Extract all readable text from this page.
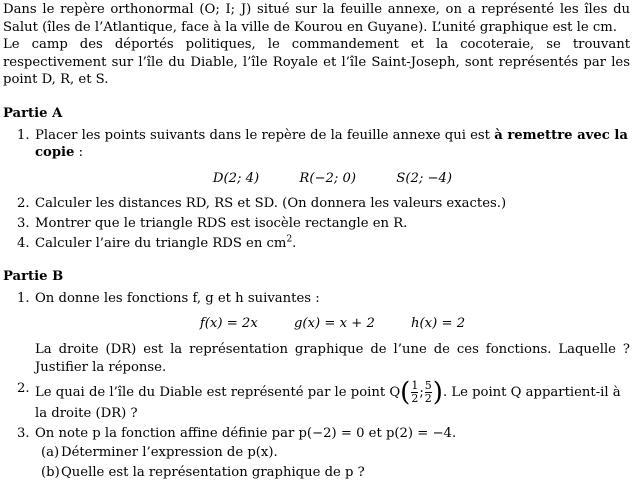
Dans le repère orthonormal (O; I; J) situé sur la feuille annexe, on a représenté les îles du Salut (îles de l’Atlantique, face à la ville de Kourou en Guyane). L’unité graphique est le cm.

Le camp des déportés politiques, le commandement et la cocoteraie, se trouvant respectivement sur l’île du Diable, l’île Royale et l’île Saint-Joseph, sont représentés par les point D, R, et S.

Partie A
1. Placer les points suivants dans le repère de la feuille annexe qui est à remettre avec la copie :
D(2; 4)	R(−2; 0)	S(2; −4)
2. Calculer les distances RD, RS et SD. (On donnera les valeurs exactes.)
3. Montrer que le triangle RDS est isocèle rectangle en R.
4. Calculer l’aire du triangle RDS en $cm^2$.
Partie B
1. On donne les fonctions f, g et h suivantes :
f(x) = 2x	g(x) = x + 2	h(x) = 2

La droite (DR) est la représentation graphique de l’une de ces fonctions. Laquelle ? Justifier la réponse.

2. Le quai de l’île du Diable est représenté par le point $Q( \frac{1}{2}$ ; $\frac{5}{2}$ ). Le point Q appartient-il à la droite (DR) ?
3. On note p la fonction affine définie par p(−2) = 0 et p(2) = −4.
(a) Déterminer l’expression de p(x).
(b) Quelle est la représentation graphique de p ?
